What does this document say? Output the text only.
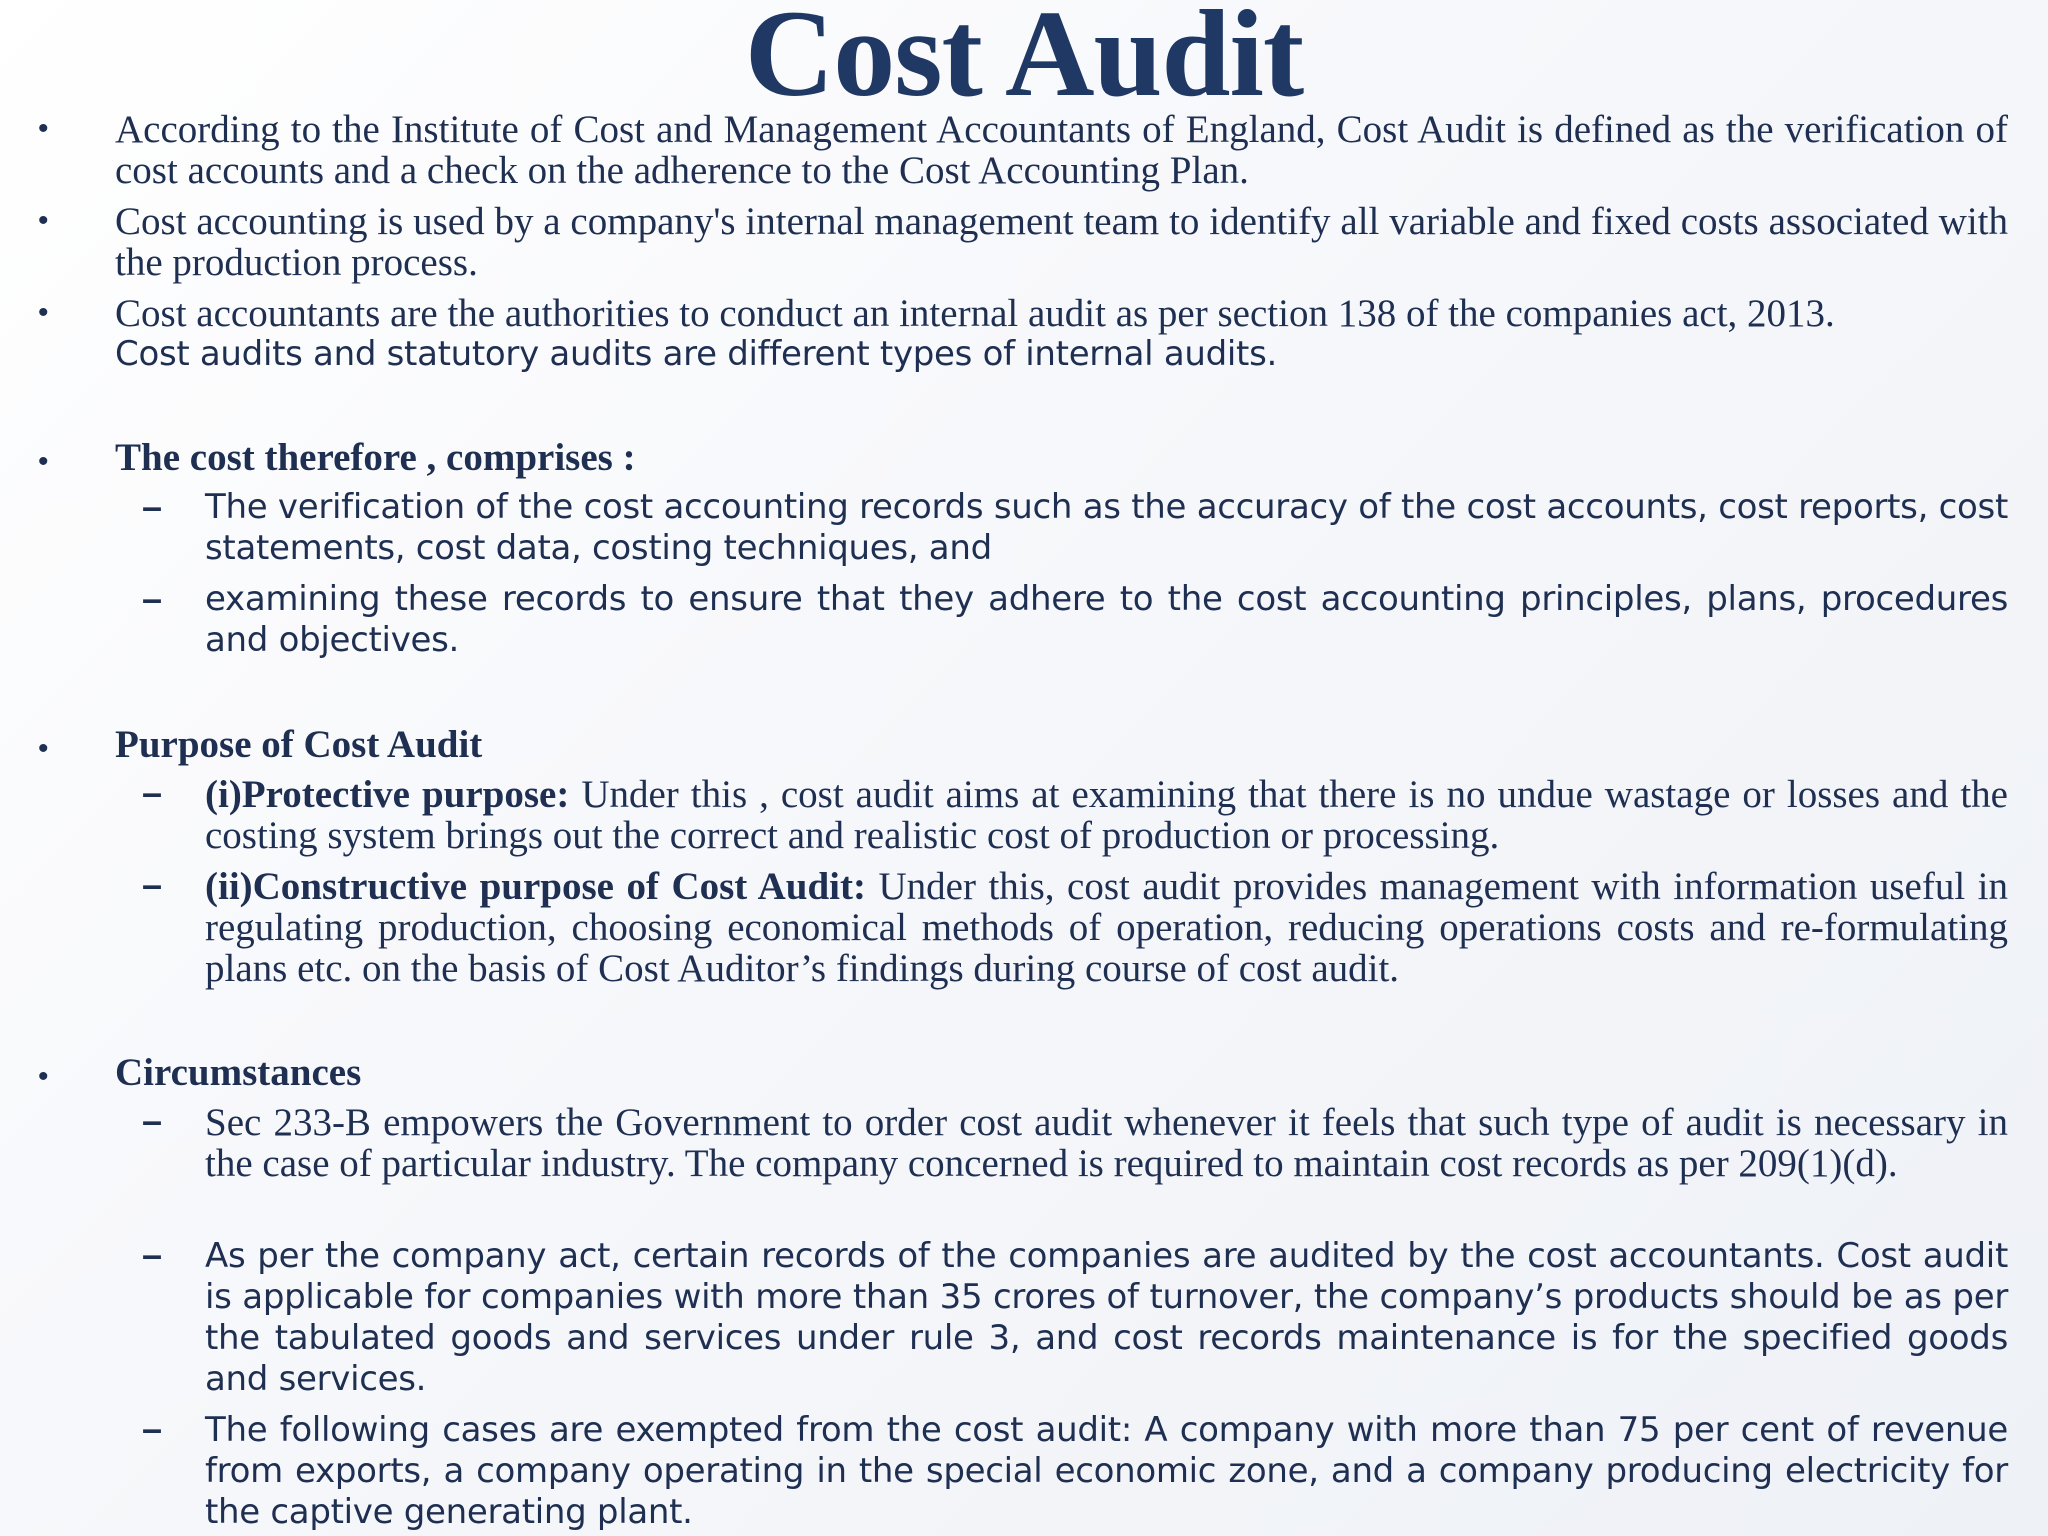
Cost Audit
• According to the Institute of Cost and Management Accountants of England, Cost Audit is defined as the verification of cost accounts and a check on the adherence to the Cost Accounting Plan.
• Cost accounting is used by a company's internal management team to identify all variable and fixed costs associated with the production process.
• Cost accountants are the authorities to conduct an internal audit as per section 138 of the companies act, 2013.
Cost audits and statutory audits are different types of internal audits.
• The cost therefore , comprises :
– The verification of the cost accounting records such as the accuracy of the cost accounts, cost reports, cost statements, cost data, costing techniques, and
– examining these records to ensure that they adhere to the cost accounting principles, plans, procedures and objectives.
• Purpose of Cost Audit
– (i)Protective purpose: Under this , cost audit aims at examining that there is no undue wastage or losses and the costing system brings out the correct and realistic cost of production or processing.
– (ii)Constructive purpose of Cost Audit: Under this, cost audit provides management with information useful in regulating production, choosing economical methods of operation, reducing operations costs and re-formulating plans etc. on the basis of Cost Auditor’s findings during course of cost audit.
• Circumstances
– Sec 233-B empowers the Government to order cost audit whenever it feels that such type of audit is necessary in the case of particular industry. The company concerned is required to maintain cost records as per 209(1)(d).
– As per the company act, certain records of the companies are audited by the cost accountants. Cost audit is applicable for companies with more than 35 crores of turnover, the company’s products should be as per the tabulated goods and services under rule 3, and cost records maintenance is for the specified goods and services.
– The following cases are exempted from the cost audit: A company with more than 75 per cent of revenue from exports, a company operating in the special economic zone, and a company producing electricity for the captive generating plant.
